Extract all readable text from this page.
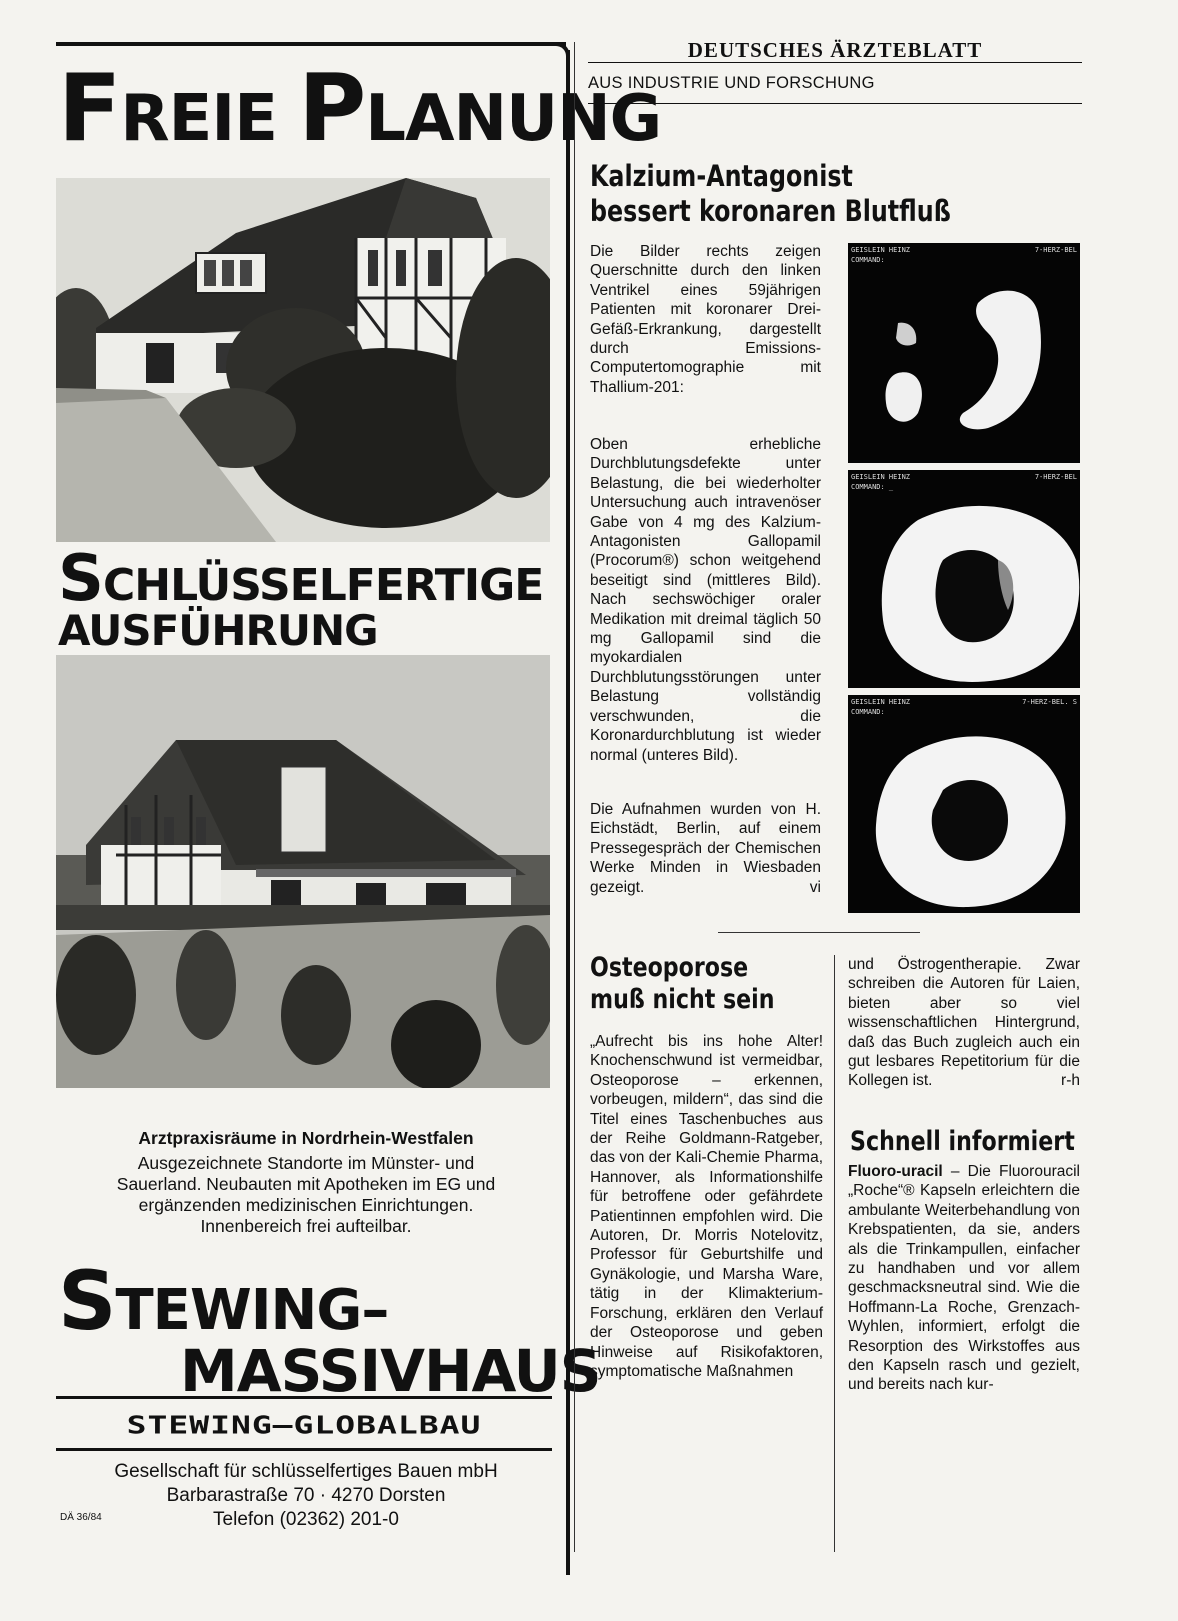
FREIE PLANUNG
SCHLÜSSELFERTIGE
AUSFÜHRUNG
Arztpraxisräume in Nordrhein-Westfalen
Ausgezeichnete Standorte im Münster- und
Sauerland. Neubauten mit Apotheken im EG und
ergänzenden medizinischen Einrichtungen.
Innenbereich frei aufteilbar.
STEWING–
MASSIVHAUS
STEWING–GLOBALBAU
Gesellschaft für schlüsselfertiges Bauen mbH
Barbarastraße 70 · 4270 Dorsten
Telefon (02362) 201-0
DÄ 36/84
DEUTSCHES ÄRZTEBLATT
AUS INDUSTRIE UND FORSCHUNG
Kalzium-Antagonist
bessert koronaren Blutfluß
Die Bilder rechts zeigen Querschnitte durch den linken Ventrikel eines 59jährigen Patienten mit koronarer Drei-Gefäß-Erkrankung, dargestellt durch Emissions-Computertomographie mit Thallium-201:
Oben erhebliche Durchblutungsdefekte unter Belastung, die bei wiederholter Untersuchung auch intravenöser Gabe von 4 mg des Kalzium-Antagonisten Gallopamil (Procorum®) schon weitgehend beseitigt sind (mittleres Bild). Nach sechswöchiger oraler Medikation mit dreimal täglich 50 mg Gallopamil sind die myokardialen Durchblutungsstörungen unter Belastung vollständig verschwunden, die Koronardurchblutung ist wieder normal (unteres Bild).
Die Aufnahmen wurden von H. Eichstädt, Berlin, auf einem Pressegespräch der Chemischen Werke Minden in Wiesbaden gezeigt.	vi
GEISLEIN HEINZ	7-HERZ-BEL
COMMAND:
GEISLEIN HEINZ	7-HERZ-BEL
COMMAND: _
GEISLEIN HEINZ	7-HERZ-BEL. S
COMMAND:
Osteoporose
muß nicht sein
„Aufrecht bis ins hohe Alter! Knochenschwund ist vermeidbar, Osteoporose – erkennen, vorbeugen, mildern“, das sind die Titel eines Taschenbuches aus der Reihe Goldmann-Ratgeber, das von der Kali-Chemie Pharma, Hannover, als Informationshilfe für betroffene oder gefährdete Patientinnen empfohlen wird. Die Autoren, Dr. Morris Notelovitz, Professor für Geburtshilfe und Gynäkologie, und Marsha Ware, tätig in der Klimakterium-Forschung, erklären den Verlauf der Osteoporose und geben Hinweise auf Risikofaktoren, symptomatische Maßnahmen
und Östrogentherapie. Zwar schreiben die Autoren für Laien, bieten aber so viel wissenschaftlichen Hintergrund, daß das Buch zugleich auch ein gut lesbares Repetitorium für die Kollegen ist.	r-h
Schnell informiert
Fluoro-uracil – Die Fluorouracil „Roche“® Kapseln erleichtern die ambulante Weiterbehandlung von Krebspatienten, da sie, anders als die Trinkampullen, einfacher zu handhaben und vor allem geschmacksneutral sind. Wie die Hoffmann-La Roche, Grenzach-Wyhlen, informiert, erfolgt die Resorption des Wirkstoffes aus den Kapseln rasch und gezielt, und bereits nach kur-
